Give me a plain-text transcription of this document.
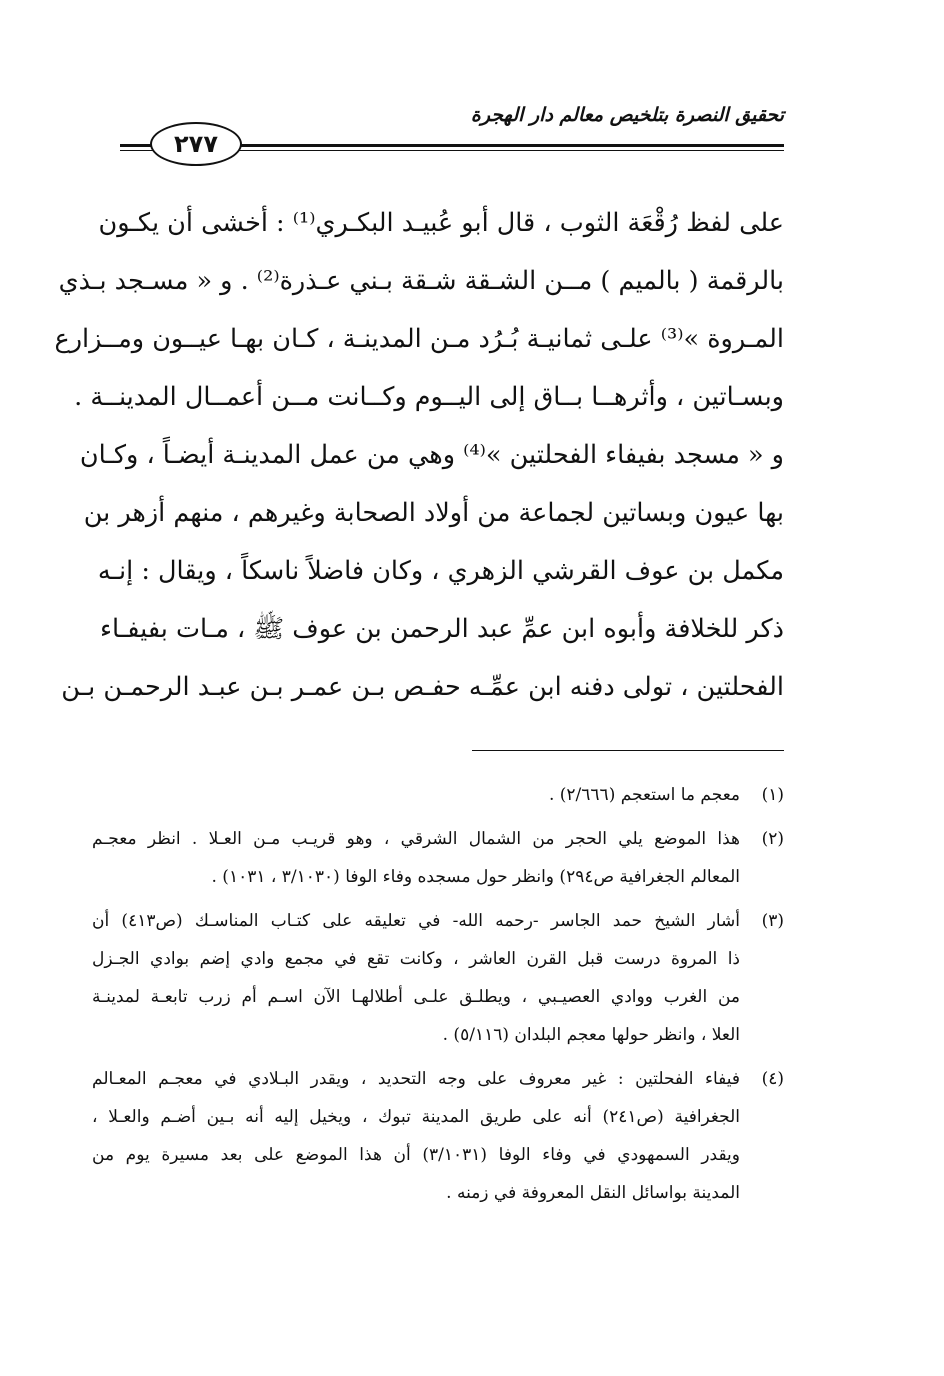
٢٧٧
تحقيق النصرة بتلخيص معالم دار الهجرة
على لفظ رُقْعَة الثوب ، قال أبو عُبيـد البكـري⁽¹⁾ : أخشى أن يكـون
بالرقمة ( بالميم ) مــن الشـقة شـقة بـني عـذرة⁽²⁾ . و « مسـجد بـذي
المـروة »⁽³⁾ علـى ثمانيـة بُـرُد مـن المدينـة ، كـان بهـا عيــون ومــزارع
وبسـاتين ، وأثرهــا بــاق إلى اليــوم وكــانت مــن أعمــال المدينــة .
و « مسجد بفيفاء الفحلتين »⁽⁴⁾ وهي من عمل المدينـة أيضـاً ، وكـان
بها عيون وبساتين لجماعة من أولاد الصحابة وغيرهم ، منهم أزهر بن
مكمل بن عوف القرشي الزهري ، وكان فاضلاً ناسكاً ، ويقال : إنـه
ذكر للخلافة وأبوه ابن عمِّ عبد الرحمن بن عوف ﷺ ، مـات بفيفـاء
الفحلتين ، تولى دفنه ابن عمِّـه حفـص بـن عمـر بـن عبـد الرحمـن بـن
(١)
معجم ما استعجم (٢/٦٦٦) .
(٢)
هذا الموضع يلي الحجر من الشمال الشرقي ، وهو قريـب مـن العـلا . انظر معجـم
المعالم الجغرافية ص٢٩٤) وانظر حول مسجده وفاء الوفا (٣/١٠٣٠ ، ١٠٣١) .
(٣)
أشار الشيخ حمد الجاسر -رحمه الله- في تعليقه على كتـاب المناسـك (ص٤١٣) أن
ذا المروة درست قبل القرن العاشر ، وكانت تقع في مجمع وادي إضم بوادي الجـزل
من الغرب ووادي العصيـبي ، ويطلـق علـى أطلالهـا الآن اسـم أم زرب تابعـة لمدينـة
العلا ، وانظر حولها معجم البلدان (٥/١١٦) .
(٤)
فيفاء الفحلتين : غير معروف على وجه التحديد ، ويقدر البـلادي في معجـم المعـالم
الجغرافية (ص٢٤١) أنه على طريق المدينة تبوك ، ويخيل إليه أنه بـين أضـم والعـلا ،
ويقدر السمهودي في وفاء الوفا (٣/١٠٣١) أن هذا الموضع على بعد مسيرة يوم من
المدينة بواسائل النقل المعروفة في زمنه .
